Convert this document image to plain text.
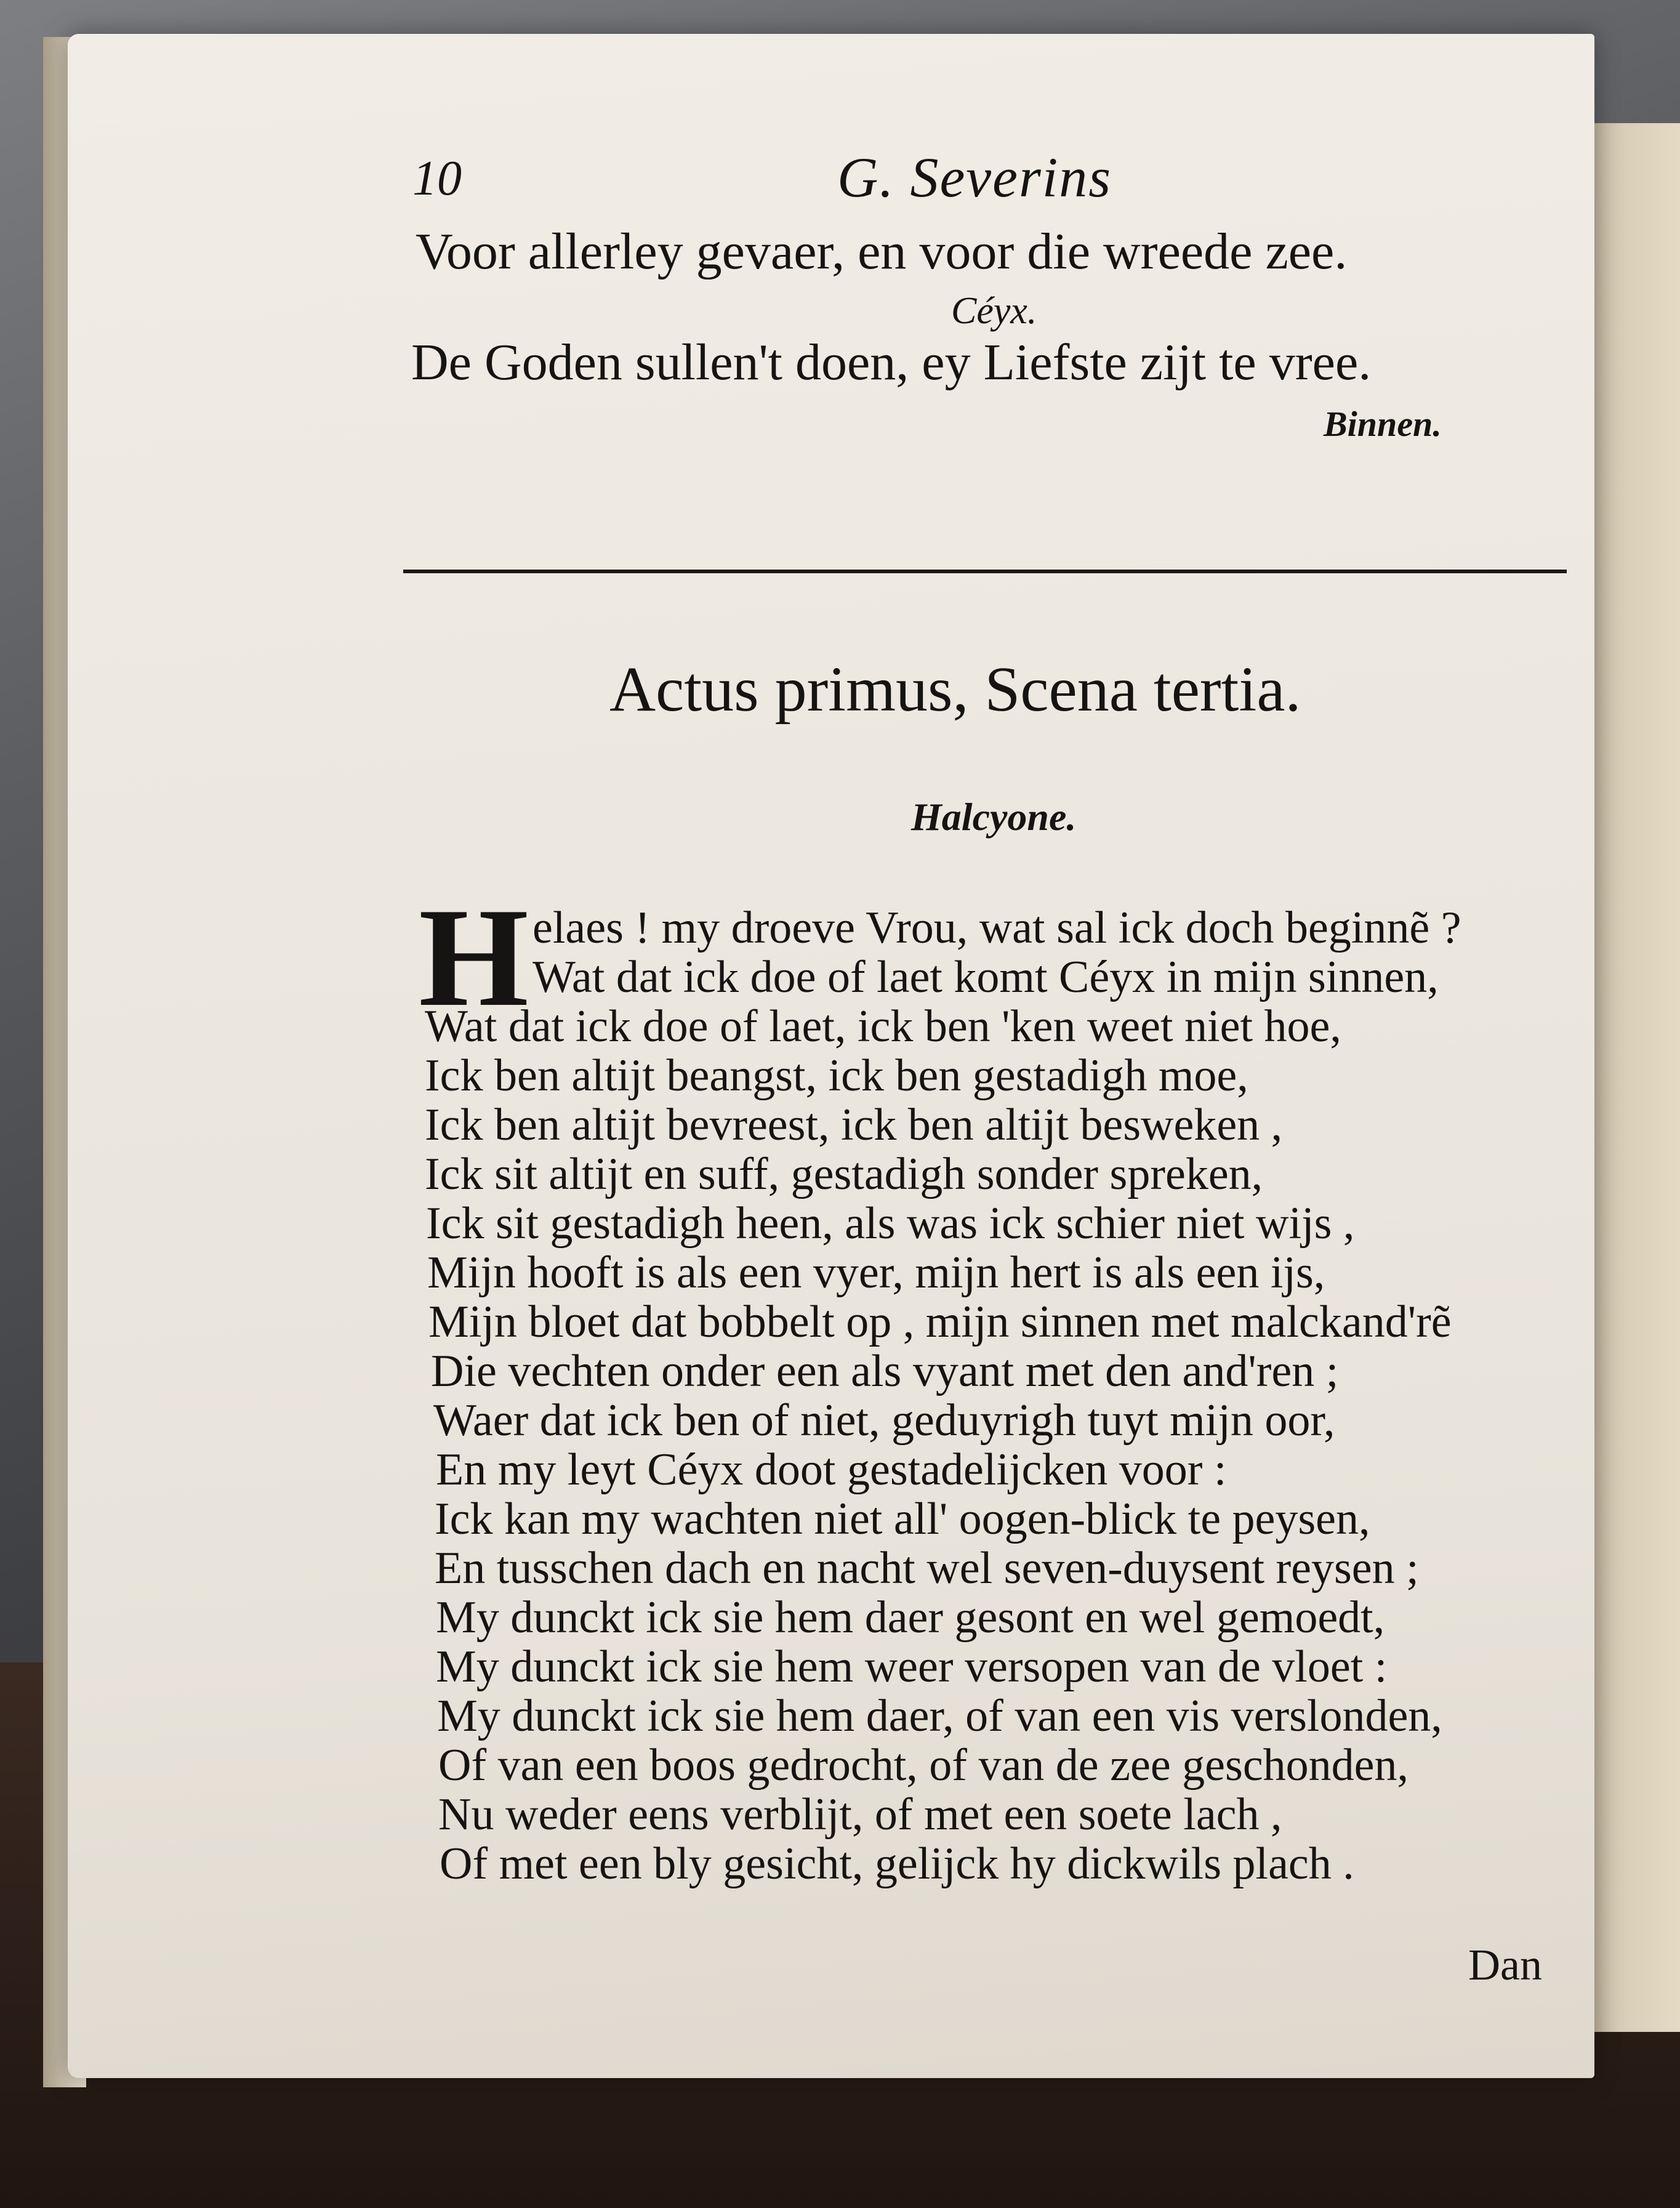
10	G. Severins
Voor allerley gevaer, en voor die wreede zee.
Céyx.
De Goden sullen't doen, ey Liefste zijt te vree.
Binnen.
Actus primus, Scena tertia.
Halcyone.
H elaes ! my droeve Vrou, wat sal ick doch beginnẽ ?
Wat dat ick doe of laet komt Céyx in mijn sinnen,
Wat dat ick doe of laet, ick ben 'ken weet niet hoe,
Ick ben altijt beangst, ick ben gestadigh moe,
Ick ben altijt bevreest, ick ben altijt besweken ,
Ick sit altijt en suff, gestadigh sonder spreken,
Ick sit gestadigh heen, als was ick schier niet wijs ,
Mijn hooft is als een vyer, mijn hert is als een ijs,
Mijn bloet dat bobbelt op , mijn sinnen met malckand'rẽ
Die vechten onder een als vyant met den and'ren ;
Waer dat ick ben of niet, geduyrigh tuyt mijn oor,
En my leyt Céyx doot gestadelijcken voor :
Ick kan my wachten niet all' oogen-blick te peysen,
En tusschen dach en nacht wel seven-duysent reysen ;
My dunckt ick sie hem daer gesont en wel gemoedt,
My dunckt ick sie hem weer versopen van de vloet :
My dunckt ick sie hem daer, of van een vis verslonden,
Of van een boos gedrocht, of van de zee geschonden,
Nu weder eens verblijt, of met een soete lach ,
Of met een bly gesicht, gelijck hy dickwils plach .
Dan
